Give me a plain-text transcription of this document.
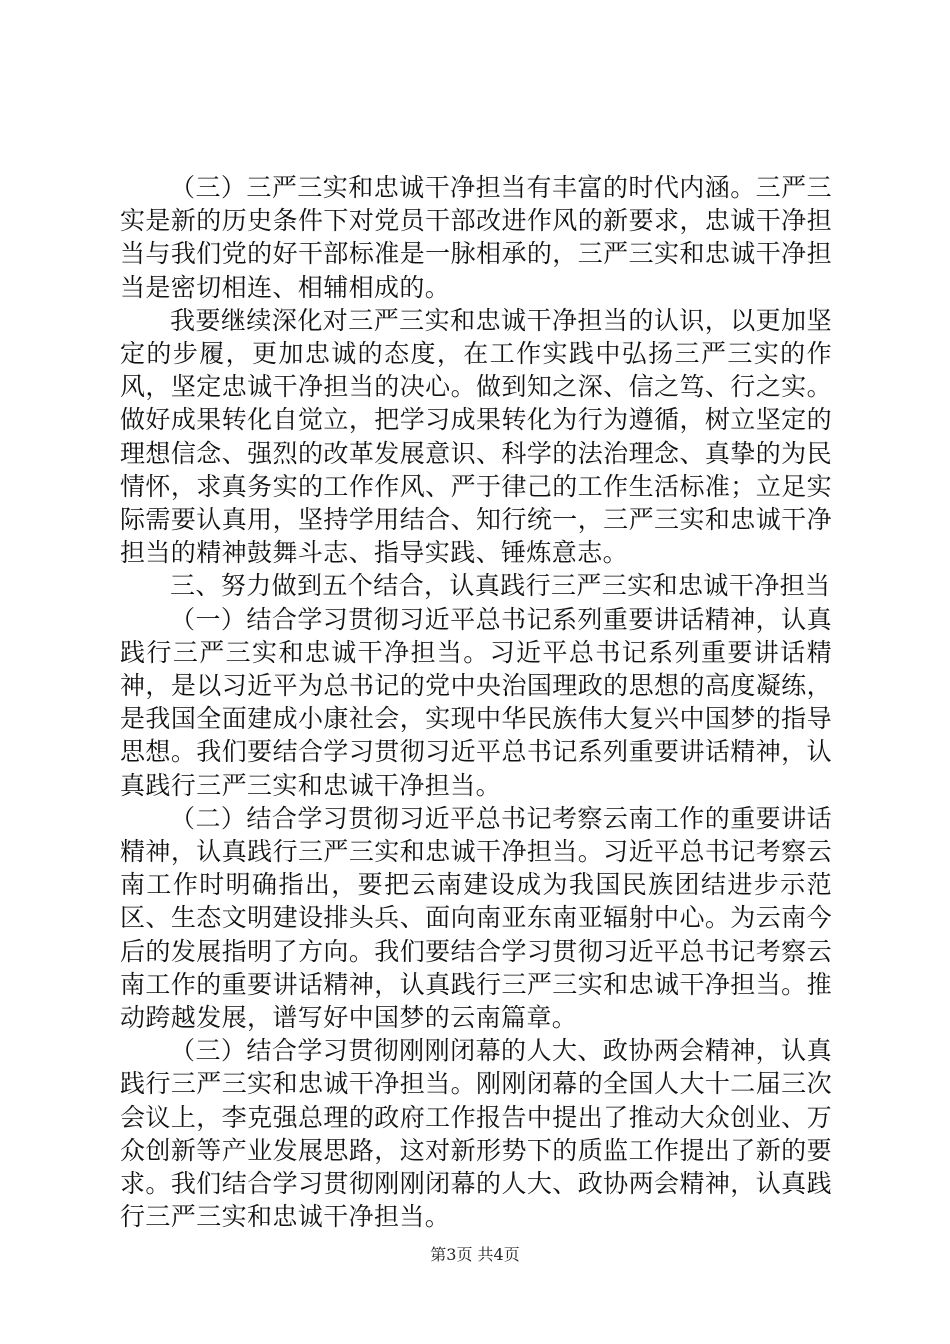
（三）三严三实和忠诚干净担当有丰富的时代内涵。三严三实是新的历史条件下对党员干部改进作风的新要求，忠诚干净担当与我们党的好干部标准是一脉相承的，三严三实和忠诚干净担当是密切相连、相辅相成的。

我要继续深化对三严三实和忠诚干净担当的认识，以更加坚定的步履，更加忠诚的态度，在工作实践中弘扬三严三实的作风，坚定忠诚干净担当的决心。做到知之深、信之笃、行之实。做好成果转化自觉立，把学习成果转化为行为遵循，树立坚定的理想信念、强烈的改革发展意识、科学的法治理念、真挚的为民情怀，求真务实的工作作风、严于律己的工作生活标准；立足实际需要认真用，坚持学用结合、知行统一，三严三实和忠诚干净担当的精神鼓舞斗志、指导实践、锤炼意志。

三、努力做到五个结合，认真践行三严三实和忠诚干净担当

（一）结合学习贯彻习近平总书记系列重要讲话精神，认真践行三严三实和忠诚干净担当。习近平总书记系列重要讲话精神，是以习近平为总书记的党中央治国理政的思想的高度凝练，是我国全面建成小康社会，实现中华民族伟大复兴中国梦的指导思想。我们要结合学习贯彻习近平总书记系列重要讲话精神，认真践行三严三实和忠诚干净担当。

（二）结合学习贯彻习近平总书记考察云南工作的重要讲话精神，认真践行三严三实和忠诚干净担当。习近平总书记考察云南工作时明确指出，要把云南建设成为我国民族团结进步示范区、生态文明建设排头兵、面向南亚东南亚辐射中心。为云南今后的发展指明了方向。我们要结合学习贯彻习近平总书记考察云南工作的重要讲话精神，认真践行三严三实和忠诚干净担当。推动跨越发展，谱写好中国梦的云南篇章。

（三）结合学习贯彻刚刚闭幕的人大、政协两会精神，认真践行三严三实和忠诚干净担当。刚刚闭幕的全国人大十二届三次会议上，李克强总理的政府工作报告中提出了推动大众创业、万众创新等产业发展思路，这对新形势下的质监工作提出了新的要求。我们结合学习贯彻刚刚闭幕的人大、政协两会精神，认真践行三严三实和忠诚干净担当。

第3页 共4页
